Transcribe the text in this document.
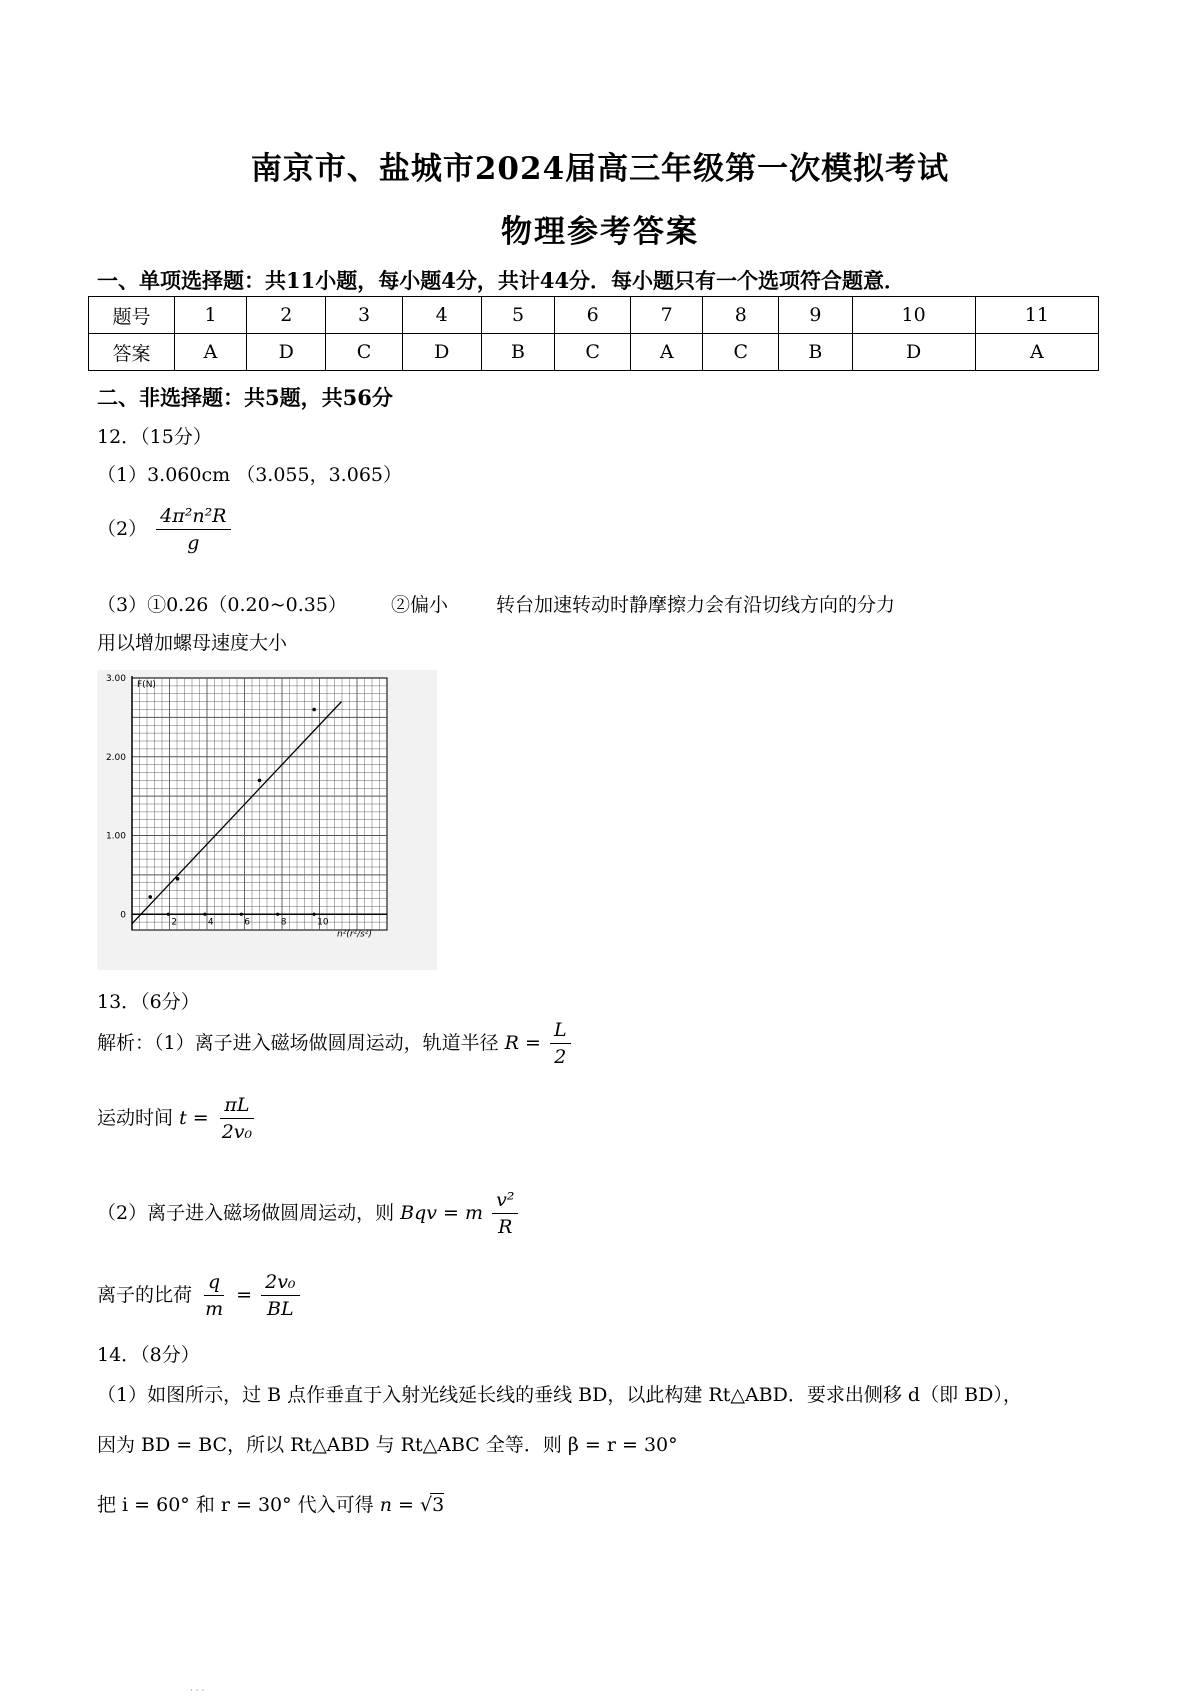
南京市、盐城市2024届高三年级第一次模拟考试
物理参考答案
一、单项选择题：共11小题，每小题4分，共计44分．每小题只有一个选项符合题意．
题号	1	2	3	4	5	6	7	8	9	10	11
答案	A	D	C	D	B	C	A	C	B	D	A
二、非选择题：共5题，共56分
12．（15分）
（1）3.060cm （3.055，3.065）
$(2) \frac{\text{4π²n²R}}{g}$
（3）①0.26（0.20~0.35） ②偏小	转台加速转动时静摩擦力会有沿切线方向的分力
用以增加螺母速度大小
0
1.00
2.00
3.00
2	4	6	8	10
F(N)
n²(r²/s²)
13．（6分）
解析：（1）离子进入磁场做圆周运动，轨道半径 $R = \frac{L}{2}$
运动时间 $t = \frac{\pi L}{\text{2v₀}}$
（2）离子进入磁场做圆周运动，则 Bqv = m $\frac{\text{v²}}{R}$
离子的比荷 $\frac{q}{m} = \frac{\text{2v₀}}{BL}$
14．（8分）
（1）如图所示，过 B 点作垂直于入射光线延长线的垂线 BD，以此构建 Rt△ABD．要求出侧移 d（即 BD），
因为 BD = BC，所以 Rt△ABD 与 Rt△ABC 全等．则 β = r = 30°
把 i = 60° 和 r = 30° 代入可得 n = √3
· · ·
